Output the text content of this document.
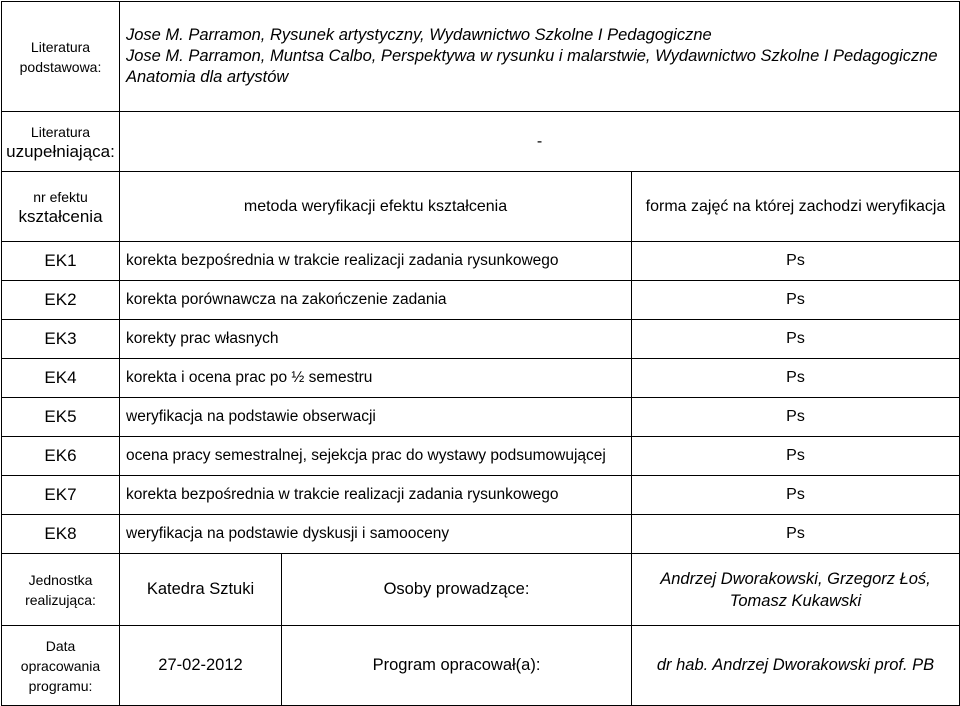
Literatura podstawowa:	Jose M. Parramon, Rysunek artystyczny, Wydawnictwo Szkolne I Pedagogiczne
Jose M. Parramon, Muntsa Calbo, Perspektywa w rysunku i malarstwie, Wydawnictwo Szkolne I Pedagogiczne
Anatomia dla artystów		

Literatura
uzupełniająca:	-		

nr efektu
kształcenia	metoda weryfikacji efektu kształcenia		forma zajęć na której zachodzi weryfikacja
EK1	korekta bezpośrednia w trakcie realizacji zadania rysunkowego		Ps
EK2	korekta porównawcza na zakończenie zadania		Ps
EK3	korekty prac własnych		Ps
EK4	korekta i ocena prac po ½ semestru		Ps
EK5	weryfikacja na podstawie obserwacji		Ps
EK6	ocena pracy semestralnej, sejekcja prac do wystawy podsumowującej		Ps
EK7	korekta bezpośrednia w trakcie realizacji zadania rysunkowego		Ps
EK8	weryfikacja na podstawie dyskusji i samooceny		Ps

Jednostka
realizująca:	Katedra Sztuki	Osoby prowadzące:	Andrzej Dworakowski, Grzegorz Łoś, Tomasz Kukawski

Data opracowania
programu:	27-02-2012	Program opracował(a):	dr hab. Andrzej Dworakowski prof. PB
